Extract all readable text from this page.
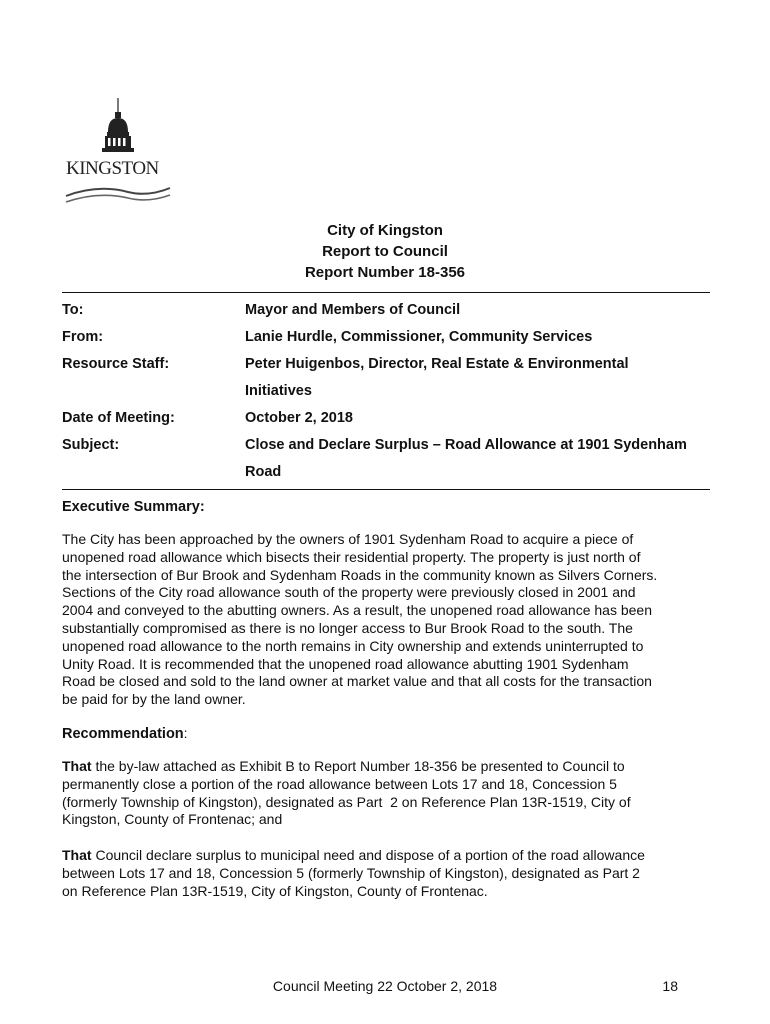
KINGSTON
City of Kingston
Report to Council
Report Number 18-356
To:	Mayor and Members of Council
From:	Lanie Hurdle, Commissioner, Community Services
Resource Staff:	Peter Huigenbos, Director, Real Estate & Environmental
Initiatives
Date of Meeting:	October 2, 2018
Subject:	Close and Declare Surplus – Road Allowance at 1901 Sydenham
Road
Executive Summary:
The City has been approached by the owners of 1901 Sydenham Road to acquire a piece of
unopened road allowance which bisects their residential property. The property is just north of
the intersection of Bur Brook and Sydenham Roads in the community known as Silvers Corners.
Sections of the City road allowance south of the property were previously closed in 2001 and
2004 and conveyed to the abutting owners. As a result, the unopened road allowance has been
substantially compromised as there is no longer access to Bur Brook Road to the south. The
unopened road allowance to the north remains in City ownership and extends uninterrupted to
Unity Road. It is recommended that the unopened road allowance abutting 1901 Sydenham
Road be closed and sold to the land owner at market value and that all costs for the transaction
be paid for by the land owner.
Recommendation:
That the by-law attached as Exhibit B to Report Number 18-356 be presented to Council to
permanently close a portion of the road allowance between Lots 17 and 18, Concession 5
(formerly Township of Kingston), designated as Part  2 on Reference Plan 13R-1519, City of
Kingston, County of Frontenac; and
That Council declare surplus to municipal need and dispose of a portion of the road allowance
between Lots 17 and 18, Concession 5 (formerly Township of Kingston), designated as Part 2
on Reference Plan 13R-1519, City of Kingston, County of Frontenac.
Council Meeting 22 October 2, 2018	18
